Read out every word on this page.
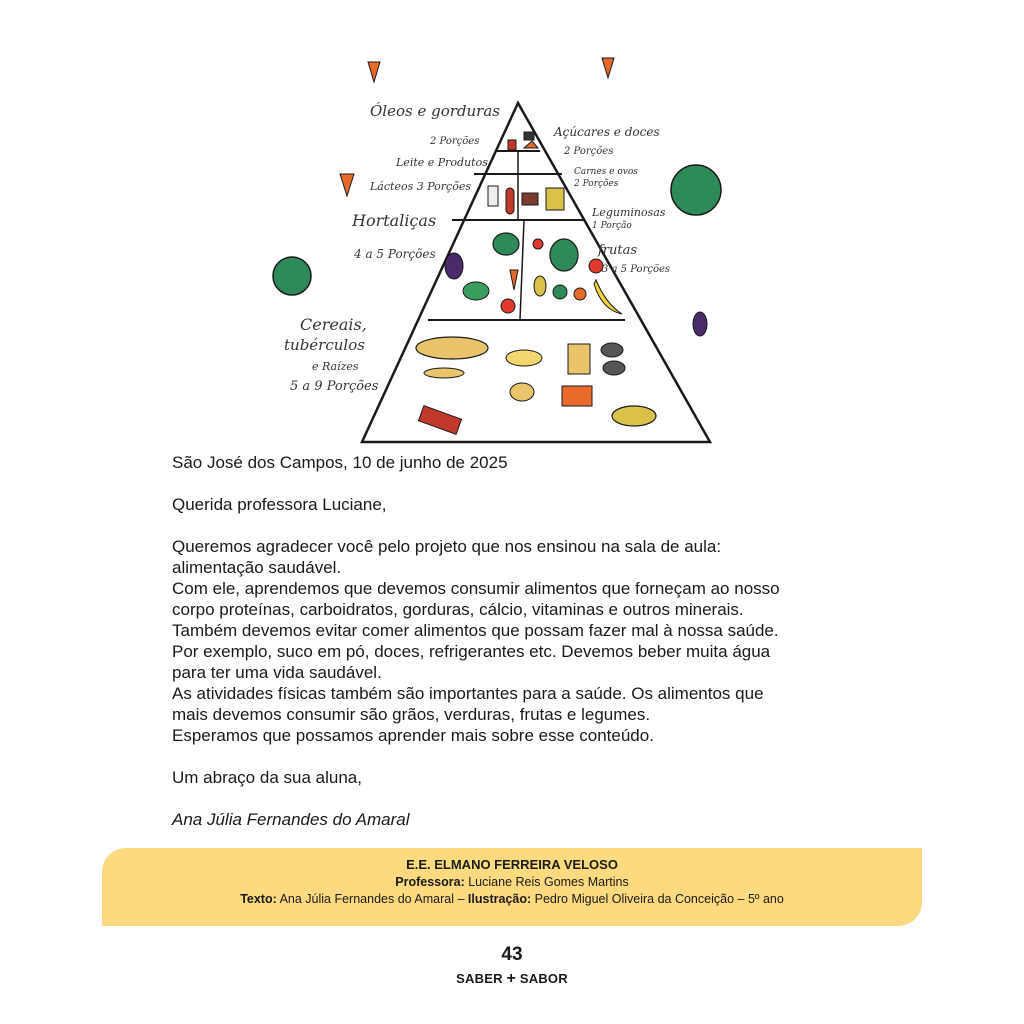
Óleos e gorduras
2 Porções
Açúcares e doces
2 Porções
Leite e Produtos
Lácteos 3 Porções
Carnes e ovos
2 Porções
Hortaliças
4 a 5 Porções
Leguminosas
1 Porção
frutas
3 a 5 Porções
Cereais,
tubérculos
e Raízes
5 a 9 Porções

São José dos Campos, 10 de junho de 2025

Querida professora Luciane,

Queremos agradecer você pelo projeto que nos ensinou na sala de aula:

alimentação saudável.

Com ele, aprendemos que devemos consumir alimentos que forneçam ao nosso

corpo proteínas, carboidratos, gorduras, cálcio, vitaminas e outros minerais.

Também devemos evitar comer alimentos que possam fazer mal à nossa saúde.

Por exemplo, suco em pó, doces, refrigerantes etc. Devemos beber muita água

para ter uma vida saudável.

As atividades físicas também são importantes para a saúde. Os alimentos que

mais devemos consumir são grãos, verduras, frutas e legumes.

Esperamos que possamos aprender mais sobre esse conteúdo.

Um abraço da sua aluna,

Ana Júlia Fernandes do Amaral

E.E. ELMANO FERREIRA VELOSO
Professora: Luciane Reis Gomes Martins
Texto: Ana Júlia Fernandes do Amaral – Ilustração: Pedro Miguel Oliveira da Conceição – 5º ano
43
SABER + SABOR
